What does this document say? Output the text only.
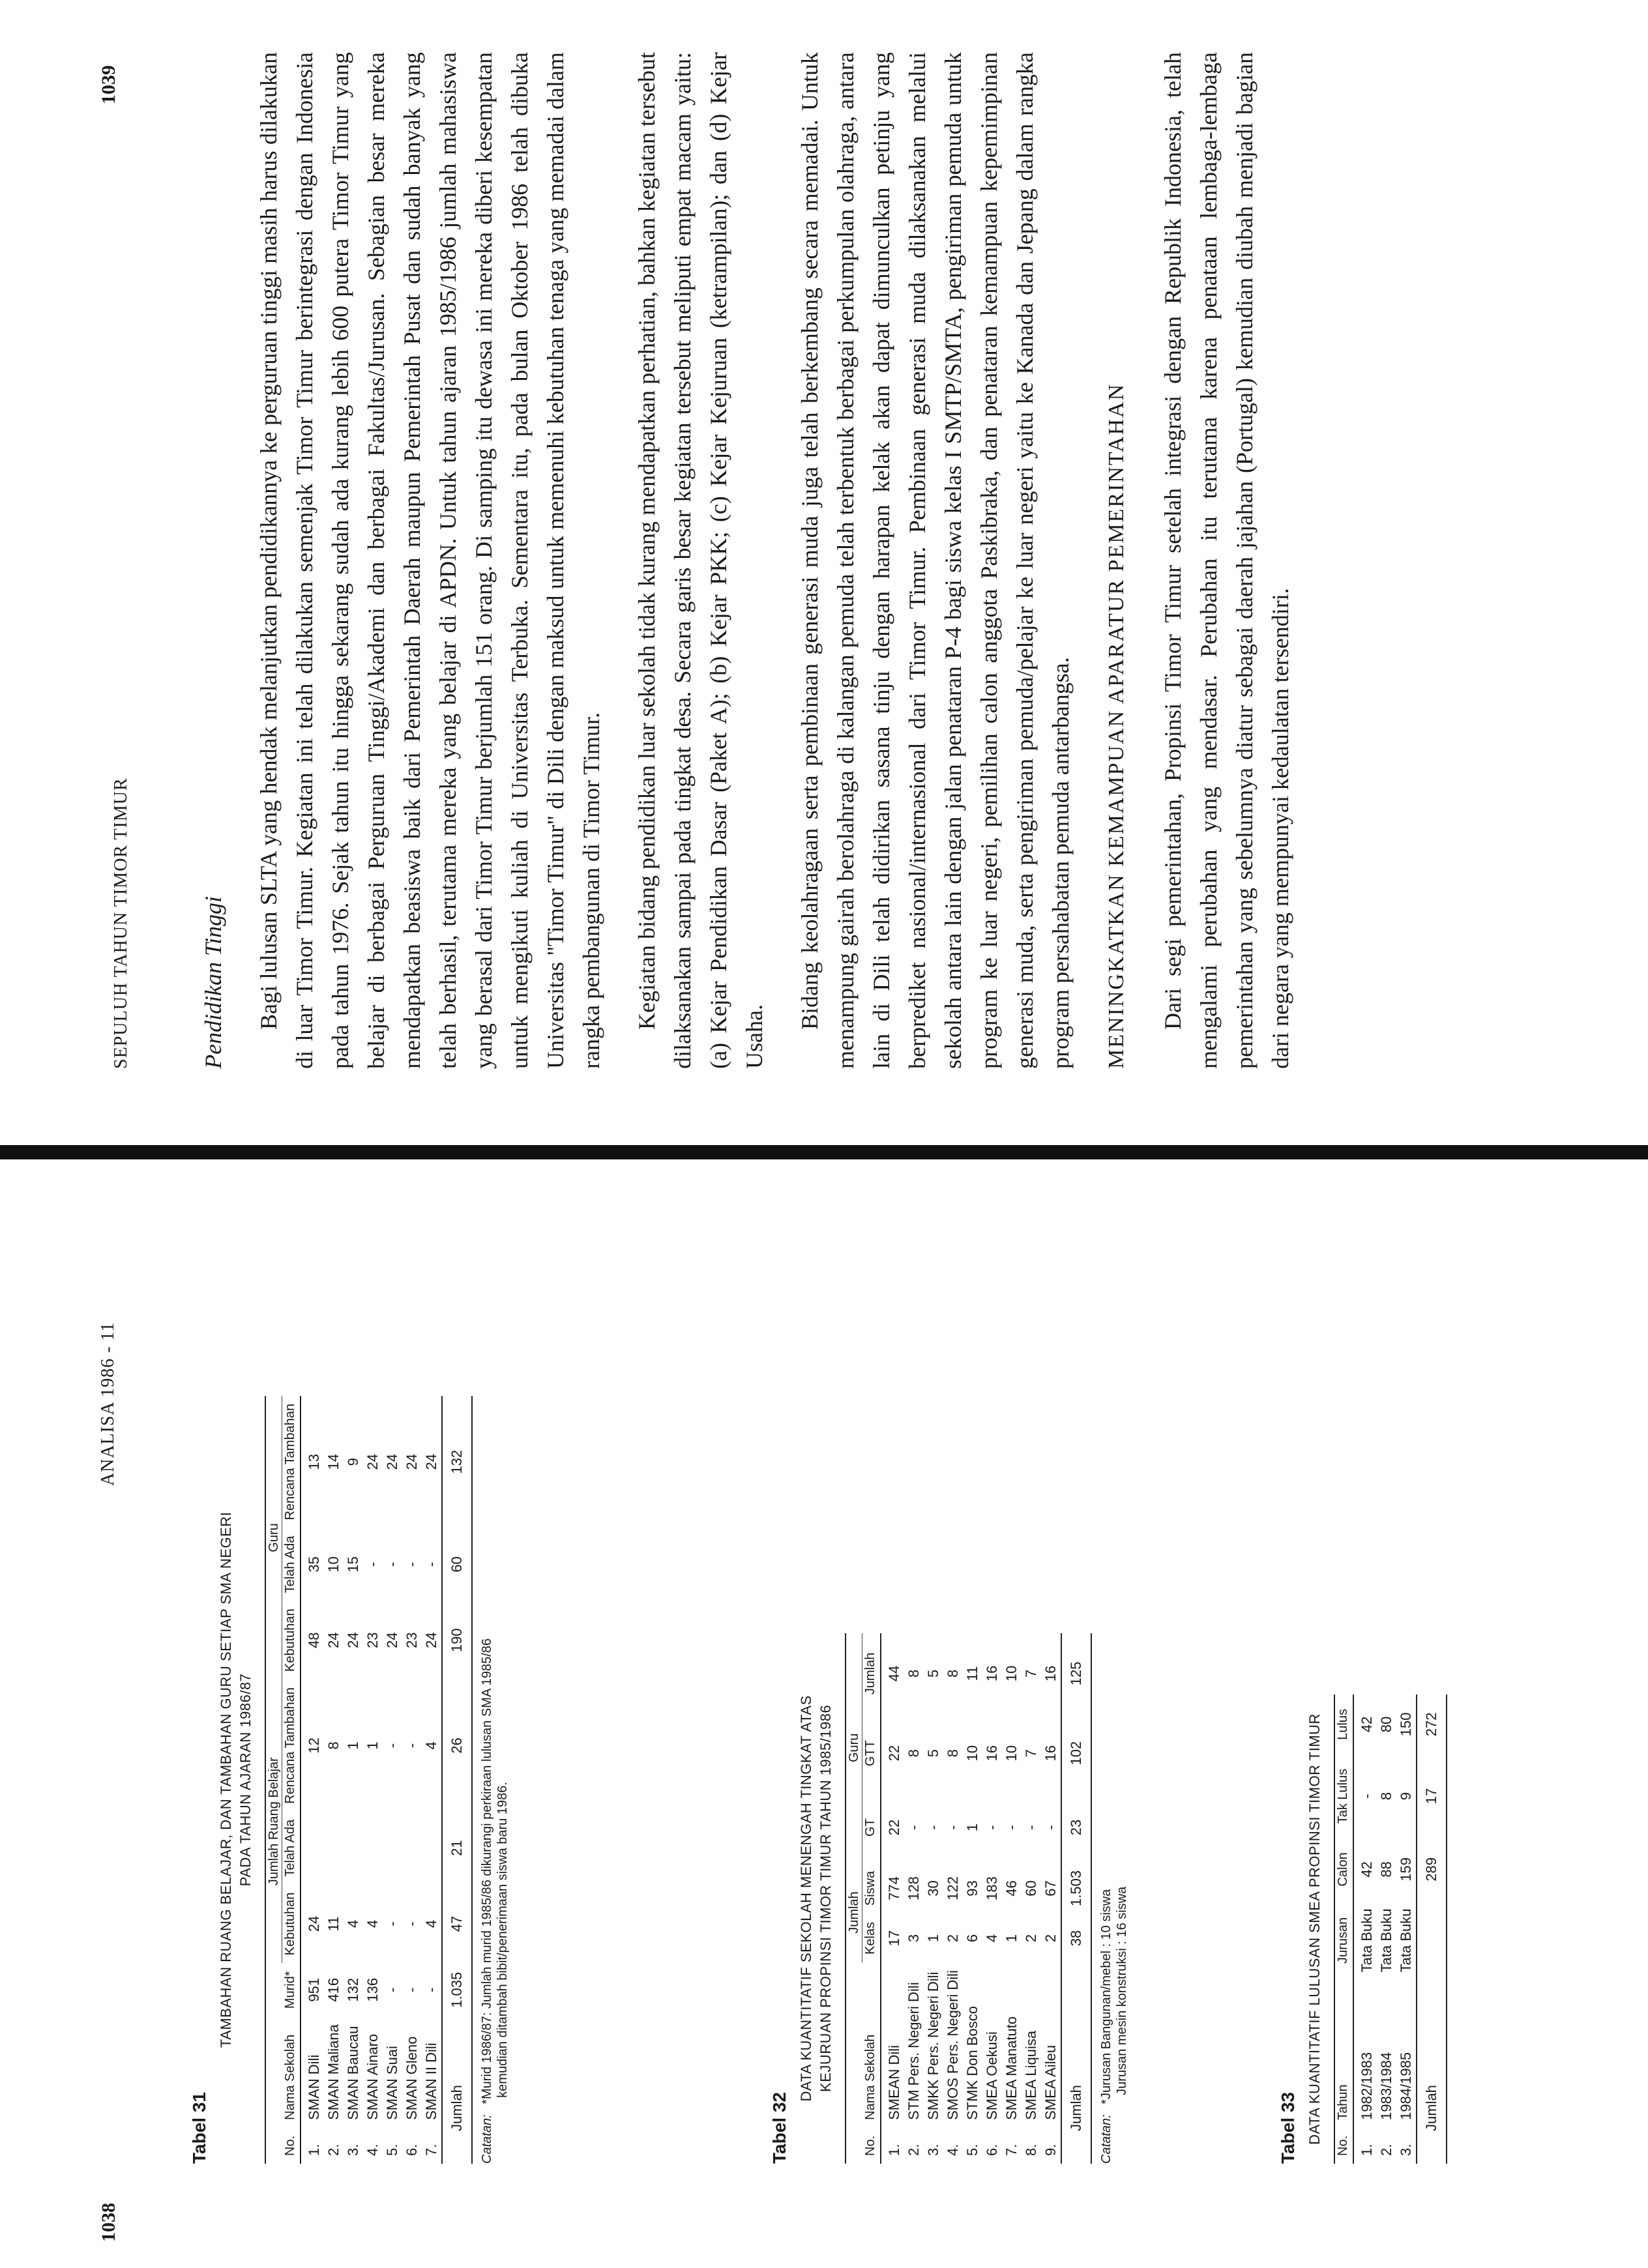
1038
ANALISA 1986 - 11
Tabel 31
TAMBAHAN RUANG BELAJAR, DAN TAMBAHAN GURU SETIAP SMA NEGERI PADA TAHUN AJARAN 1986/87
			Jumlah Ruang Belajar			Guru		
No.	Nama Sekolah	Murid*	Kebutuhan	Telah Ada	Rencana Tambahan	Kebutuhan	Telah Ada	Rencana Tambahan
1.	SMAN Dili	951	24		12	48	35	13
2.	SMAN Maliana	416	11		8	24	10	14
3.	SMAN Baucau	132	4		1	24	15	9
4.	SMAN Ainaro	136	4		1	23	-	24
5.	SMAN Suai	-	-		-	24	-	24
6.	SMAN Gleno	-	-		-	23	-	24
7.	SMAN II Dili	-	4		4	24	-	24
Jumlah		1.035	47	21	26	190	60	132
Catatan:
*Murid 1986/87: Jumlah murid 1985/86 dikurangi perkiraan lulusan SMA 1985/86 kemudian ditambah bibit/penerimaan siswa baru 1986.
Tabel 32
DATA KUANTITATIF SEKOLAH MENENGAH TINGKAT ATAS KEJURUAN PROPINSI TIMOR TIMUR TAHUN 1985/1986
		Jumlah		Guru		
No.	Nama Sekolah	Kelas	Siswa	GT	GTT	Jumlah
1.	SMEAN Dili	17	774	22	22	44
2.	STM Pers. Negeri Dili	3	128	-	8	8
3.	SMKK Pers. Negeri Dili	1	30	-	5	5
4.	SMOS Pers. Negeri Dili	2	122	-	8	8
5.	STMK Don Bosco	6	93	1	10	11
6.	SMEA Oekusi	4	183	-	16	16
7.	SMEA Manatuto	1	46	-	10	10
8.	SMEA Liquisa	2	60	-	7	7
9.	SMEA Aileu	2	67	-	16	16
Jumlah		38	1.503	23	102	125
Catatan:
*Jurusan Bangunan/mebel : 10 siswa Jurusan mesin konstruksi : 16 siswa
Tabel 33 DATA KUANTITATIF LULUSAN SMEA PROPINSI TIMOR TIMUR
No.	Tahun	Jurusan	Calon	Tak Lulus	Lulus
1.	1982/1983	Tata Buku	42	-	42
2.	1983/1984	Tata Buku	88	8	80
3.	1984/1985	Tata Buku	159	9	150
Jumlah			289	17	272
SEPULUH TAHUN TIMOR TIMUR
1039
Pendidikan Tinggi Bagi lulusan SLTA yang hendak melanjutkan pendidikannya ke perguruan tinggi masih harus dilakukan di luar Timor Timur. Kegiatan ini telah dilakukan semenjak Timor Timur berintegrasi dengan Indonesia pada tahun 1976. Sejak tahun itu hingga sekarang sudah ada kurang lebih 600 putera Timor Timur yang belajar di berbagai Perguruan Tinggi/Akademi dan berbagai Fakultas/Jurusan. Sebagian besar mereka mendapatkan beasiswa baik dari Pemerintah Daerah maupun Pemerintah Pusat dan sudah banyak yang telah berhasil, terutama mereka yang belajar di APDN. Untuk tahun ajaran 1985/1986 jumlah mahasiswa yang berasal dari Timor Timur berjumlah 151 orang. Di samping itu dewasa ini mereka diberi kesempatan untuk mengikuti kuliah di Universitas Terbuka. Sementara itu, pada bulan Oktober 1986 telah dibuka Universitas "Timor Timur" di Dili dengan maksud untuk memenuhi kebutuhan tenaga yang memadai dalam rangka pembangunan di Timor Timur. Kegiatan bidang pendidikan luar sekolah tidak kurang mendapatkan perhatian, bahkan kegiatan tersebut dilaksanakan sampai pada tingkat desa. Secara garis besar kegiatan tersebut meliputi empat macam yaitu: (a) Kejar Pendidikan Dasar (Paket A); (b) Kejar PKK; (c) Kejar Kejuruan (ketrampilan); dan (d) Kejar Usaha.

Bidang keolahragaan serta pembinaan generasi muda juga telah berkembang secara memadai. Untuk menampung gairah berolahraga di kalangan pemuda telah terbentuk berbagai perkumpulan olahraga, antara lain di Dili telah didirikan sasana tinju dengan harapan kelak akan dapat dimunculkan petinju yang berprediket nasional/internasional dari Timor Timur. Pembinaan generasi muda dilaksanakan melalui sekolah antara lain dengan jalan penataran P-4 bagi siswa kelas I SMTP/SMTA, pengiriman pemuda untuk program ke luar negeri, pemilihan calon anggota Paskibraka, dan penataran kemampuan kepemimpinan generasi muda, serta pengiriman pemuda/pelajar ke luar negeri yaitu ke Kanada dan Jepang dalam rangka program persahabatan pemuda antarbangsa. MENINGKATKAN KEMAMPUAN APARATUR PEMERINTAHAN Dari segi pemerintahan, Propinsi Timor Timur setelah integrasi dengan Republik Indonesia, telah mengalami perubahan yang mendasar. Perubahan itu terutama karena penataan lembaga-lembaga pemerintahan yang sebelumnya diatur sebagai daerah jajahan (Portugal) kemudian diubah menjadi bagian dari negara yang mempunyai kedaulatan tersendiri.
